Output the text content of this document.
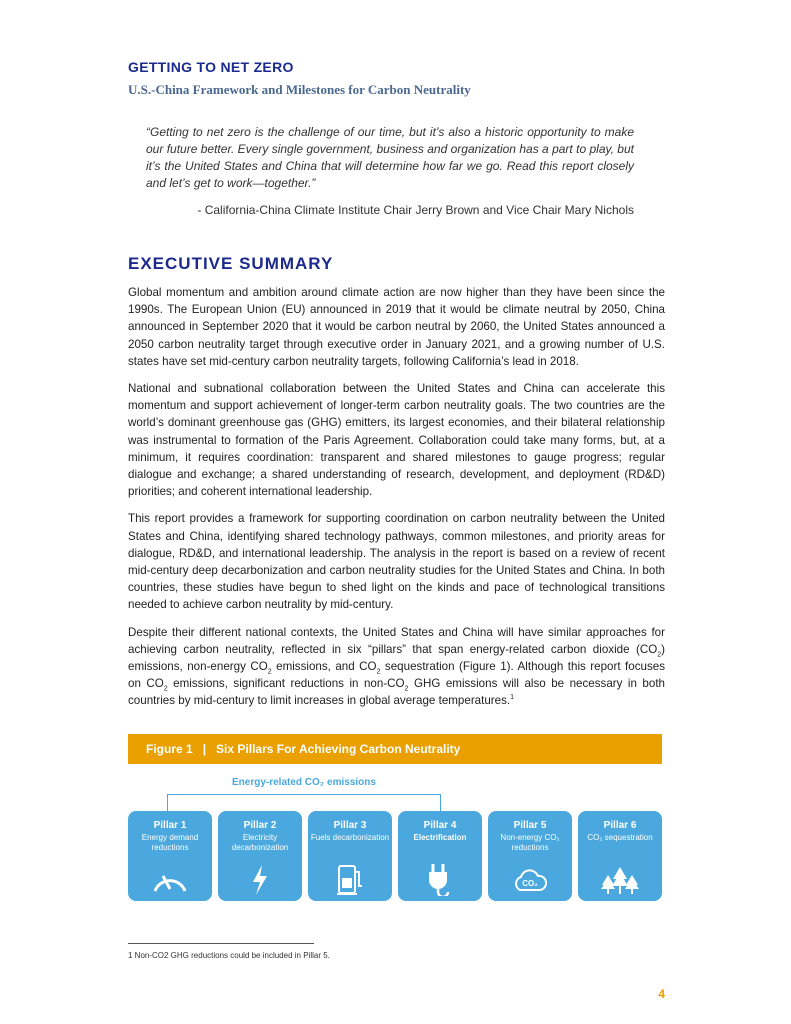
GETTING TO NET ZERO
U.S.-China Framework and Milestones for Carbon Neutrality
“Getting to net zero is the challenge of our time, but it’s also a historic opportunity to make our future better. Every single government, business and organization has a part to play, but it’s the United States and China that will determine how far we go. Read this report closely and let’s get to work—together.”
- California-China Climate Institute Chair Jerry Brown and Vice Chair Mary Nichols
EXECUTIVE SUMMARY
Global momentum and ambition around climate action are now higher than they have been since the 1990s. The European Union (EU) announced in 2019 that it would be climate neutral by 2050, China announced in September 2020 that it would be carbon neutral by 2060, the United States announced a 2050 carbon neutrality target through executive order in January 2021, and a growing number of U.S. states have set mid-century carbon neutrality targets, following California’s lead in 2018.
National and subnational collaboration between the United States and China can accelerate this momentum and support achievement of longer-term carbon neutrality goals. The two countries are the world’s dominant greenhouse gas (GHG) emitters, its largest economies, and their bilateral relationship was instrumental to formation of the Paris Agreement. Collaboration could take many forms, but, at a minimum, it requires coordination: transparent and shared milestones to gauge progress; regular dialogue and exchange; a shared understanding of research, development, and deployment (RD&D) priorities; and coherent international leadership.
This report provides a framework for supporting coordination on carbon neutrality between the United States and China, identifying shared technology pathways, common milestones, and priority areas for dialogue, RD&D, and international leadership. The analysis in the report is based on a review of recent mid-century deep decarbonization and carbon neutrality studies for the United States and China. In both countries, these studies have begun to shed light on the kinds and pace of technological transitions needed to achieve carbon neutrality by mid-century.
Despite their different national contexts, the United States and China will have similar approaches for achieving carbon neutrality, reflected in six “pillars” that span energy-related carbon dioxide $(CO_2)$ emissions, non-energy $CO_2$ emissions, and $CO_2$ sequestration (Figure 1). Although this report focuses on $CO_2$ emissions, significant reductions in non-$CO_2$ GHG emissions will also be necessary in both countries by mid-century to limit increases in global average temperatures.$^1$
Figure 1 | Six Pillars For Achieving Carbon Neutrality
Energy-related CO₂ emissions
Pillar 1
Energy demand reductions
Pillar 2
Electricity decarbonization
Pillar 3
Fuels decarbonization
Pillar 4
Electrification
Pillar 5
Non-energy CO₂ reductions
CO₂
Pillar 6
CO₂ sequestration
1 Non-CO2 GHG reductions could be included in Pillar 5.
4
